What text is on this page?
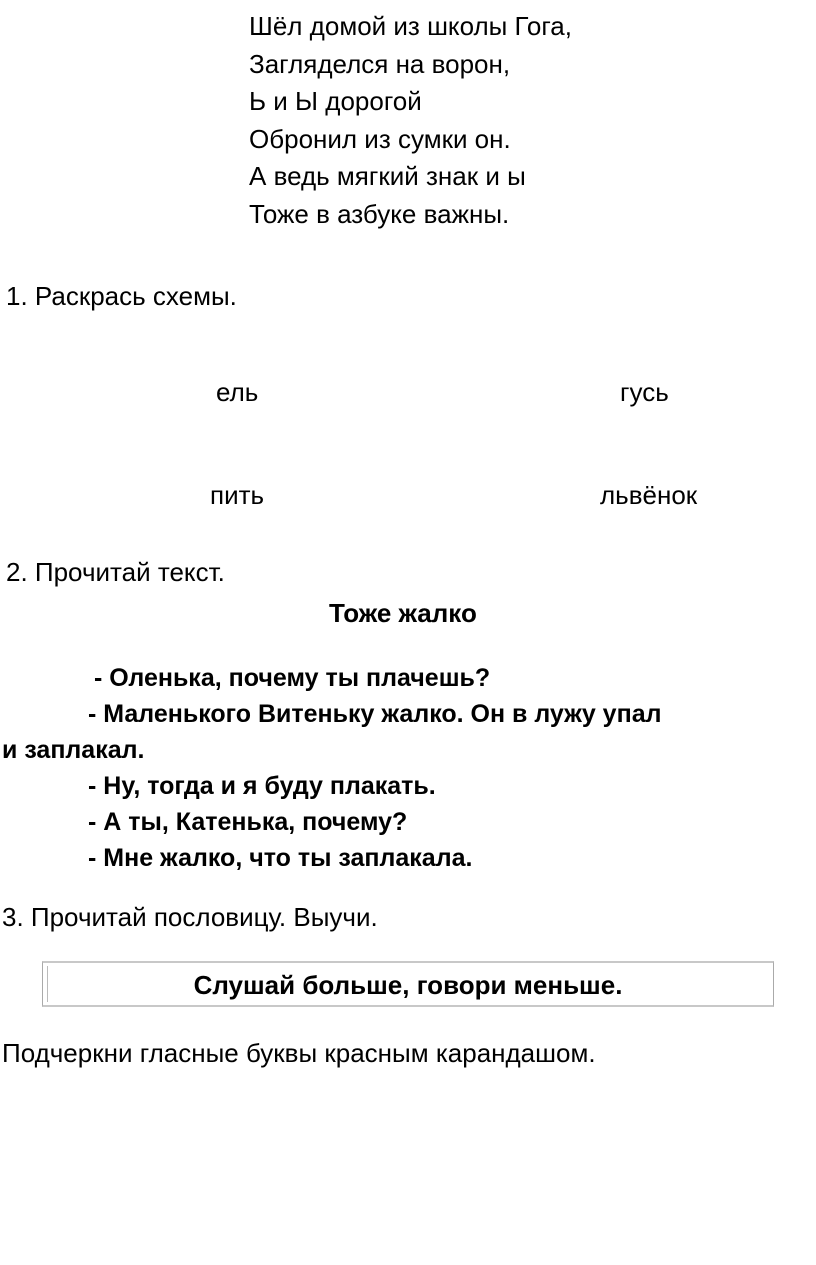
Шёл домой из школы Гога,
Загляделся на ворон,
Ь и Ы дорогой
Обронил из сумки он.
А ведь мягкий знак и ы
Тоже в азбуке важны.
1. Раскрась схемы.
ель	гусь
пить	львёнок
2. Прочитай текст.
Тоже жалко
- Оленька, почему ты плачешь?
- Маленького Витеньку жалко. Он в лужу упал
и заплакал.
- Ну, тогда и я буду плакать.
- А ты, Катенька, почему?
- Мне жалко, что ты заплакала.
3. Прочитай пословицу. Выучи.
Слушай больше, говори меньше.
Подчеркни гласные буквы красным карандашом.
